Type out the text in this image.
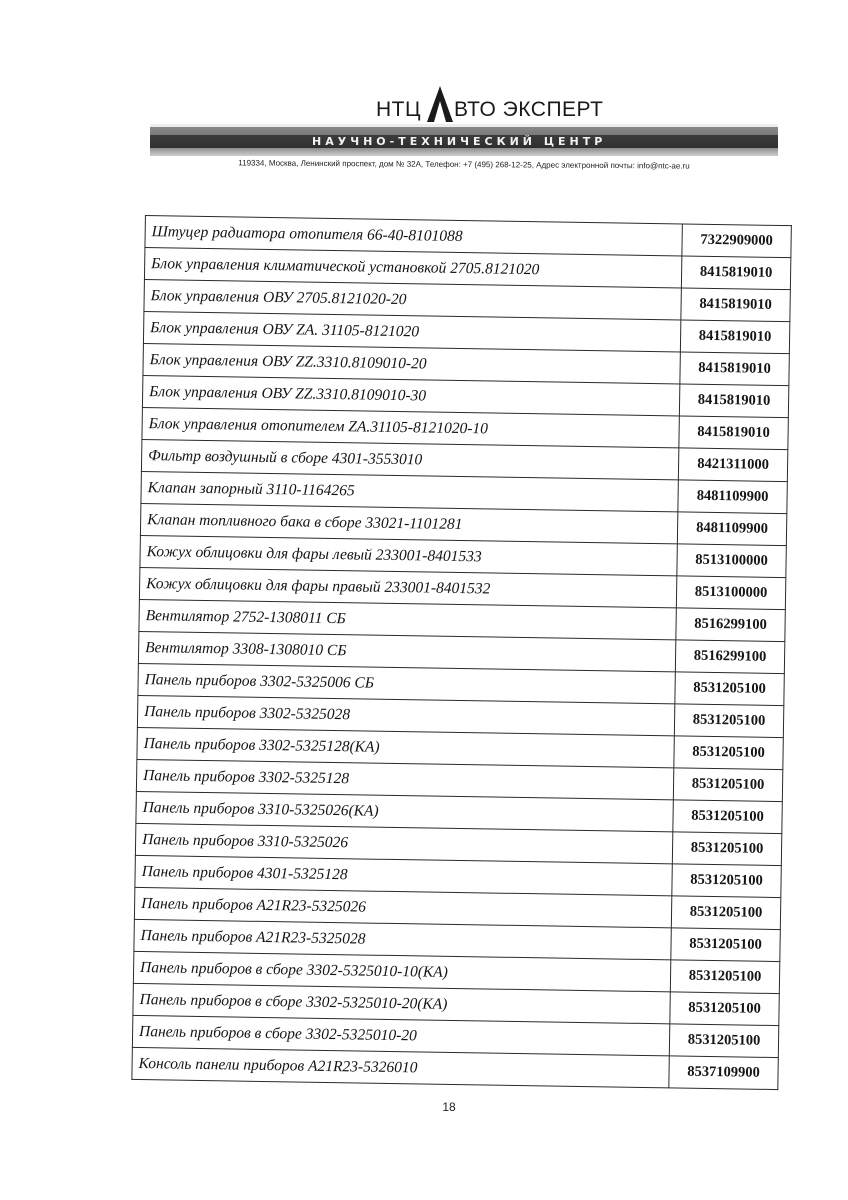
НТЦ ВТО ЭКСПЕРТ
НАУЧНО-ТЕХНИЧЕСКИЙ ЦЕНТР
119334, Москва, Ленинский проспект, дом № 32А, Телефон: +7 (495) 268-12-25, Адрес электронной почты: info@ntc-ae.ru
Штуцер радиатора отопителя 66-40-8101088	7322909000
Блок управления климатической установкой 2705.8121020	8415819010
Блок управления ОВУ 2705.8121020-20	8415819010
Блок управления ОВУ ZA. 31105-8121020	8415819010
Блок управления ОВУ ZZ.3310.8109010-20	8415819010
Блок управления ОВУ ZZ.3310.8109010-30	8415819010
Блок управления отопителем ZA.31105-8121020-10	8415819010
Фильтр воздушный в сборе 4301-3553010	8421311000
Клапан запорный 3110-1164265	8481109900
Клапан топливного бака в сборе 33021-1101281	8481109900
Кожух облицовки для фары левый 233001-8401533	8513100000
Кожух облицовки для фары правый 233001-8401532	8513100000
Вентилятор 2752-1308011 СБ	8516299100
Вентилятор 3308-1308010 СБ	8516299100
Панель приборов 3302-5325006 СБ	8531205100
Панель приборов 3302-5325028	8531205100
Панель приборов 3302-5325128(КА)	8531205100
Панель приборов 3302-5325128	8531205100
Панель приборов 3310-5325026(КА)	8531205100
Панель приборов 3310-5325026	8531205100
Панель приборов 4301-5325128	8531205100
Панель приборов A21R23-5325026	8531205100
Панель приборов A21R23-5325028	8531205100
Панель приборов в сборе 3302-5325010-10(КА)	8531205100
Панель приборов в сборе 3302-5325010-20(КА)	8531205100
Панель приборов в сборе 3302-5325010-20	8531205100
Консоль панели приборов A21R23-5326010	8537109900
18
